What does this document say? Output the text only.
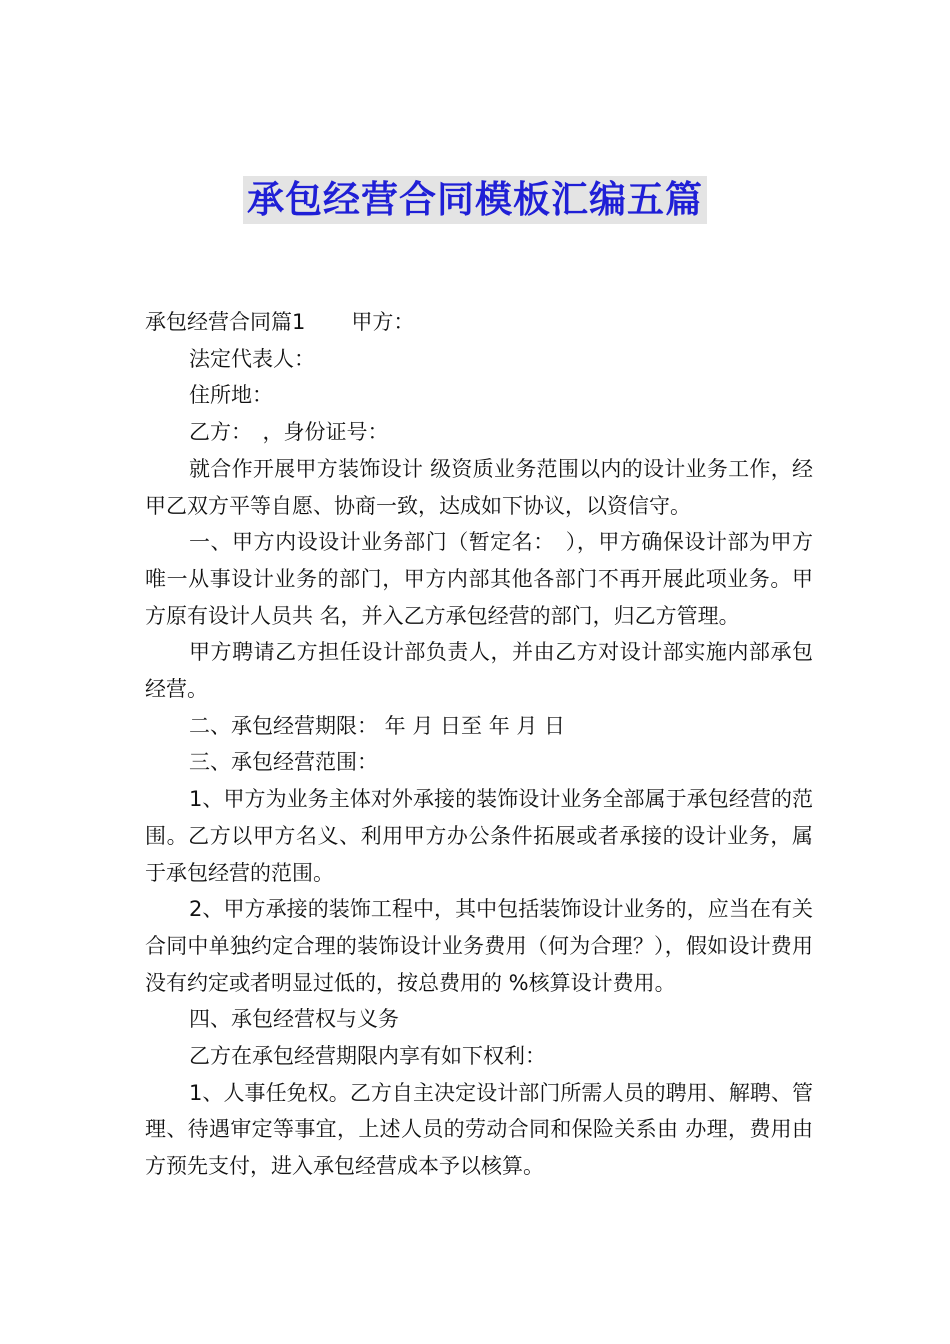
承包经营合同模板汇编五篇

承包经营合同篇1 甲方：

法定代表人：

住所地：

乙方：　，身份证号：

就合作开展甲方装饰设计 级资质业务范围以内的设计业务工作，经甲乙双方平等自愿、协商一致，达成如下协议，以资信守。

一、甲方内设设计业务部门（暂定名：　），甲方确保设计部为甲方唯一从事设计业务的部门，甲方内部其他各部门不再开展此项业务。甲方原有设计人员共 名，并入乙方承包经营的部门，归乙方管理。

甲方聘请乙方担任设计部负责人，并由乙方对设计部实施内部承包经营。

二、承包经营期限： 年 月 日至 年 月 日

三、承包经营范围：

1、甲方为业务主体对外承接的装饰设计业务全部属于承包经营的范围。乙方以甲方名义、利用甲方办公条件拓展或者承接的设计业务，属于承包经营的范围。

2、甲方承接的装饰工程中，其中包括装饰设计业务的，应当在有关合同中单独约定合理的装饰设计业务费用（何为合理？），假如设计费用没有约定或者明显过低的，按总费用的 %核算设计费用。

四、承包经营权与义务

乙方在承包经营期限内享有如下权利：

1、人事任免权。乙方自主决定设计部门所需人员的聘用、解聘、管理、待遇审定等事宜，上述人员的劳动合同和保险关系由 办理，费用由 方预先支付，进入承包经营成本予以核算。
